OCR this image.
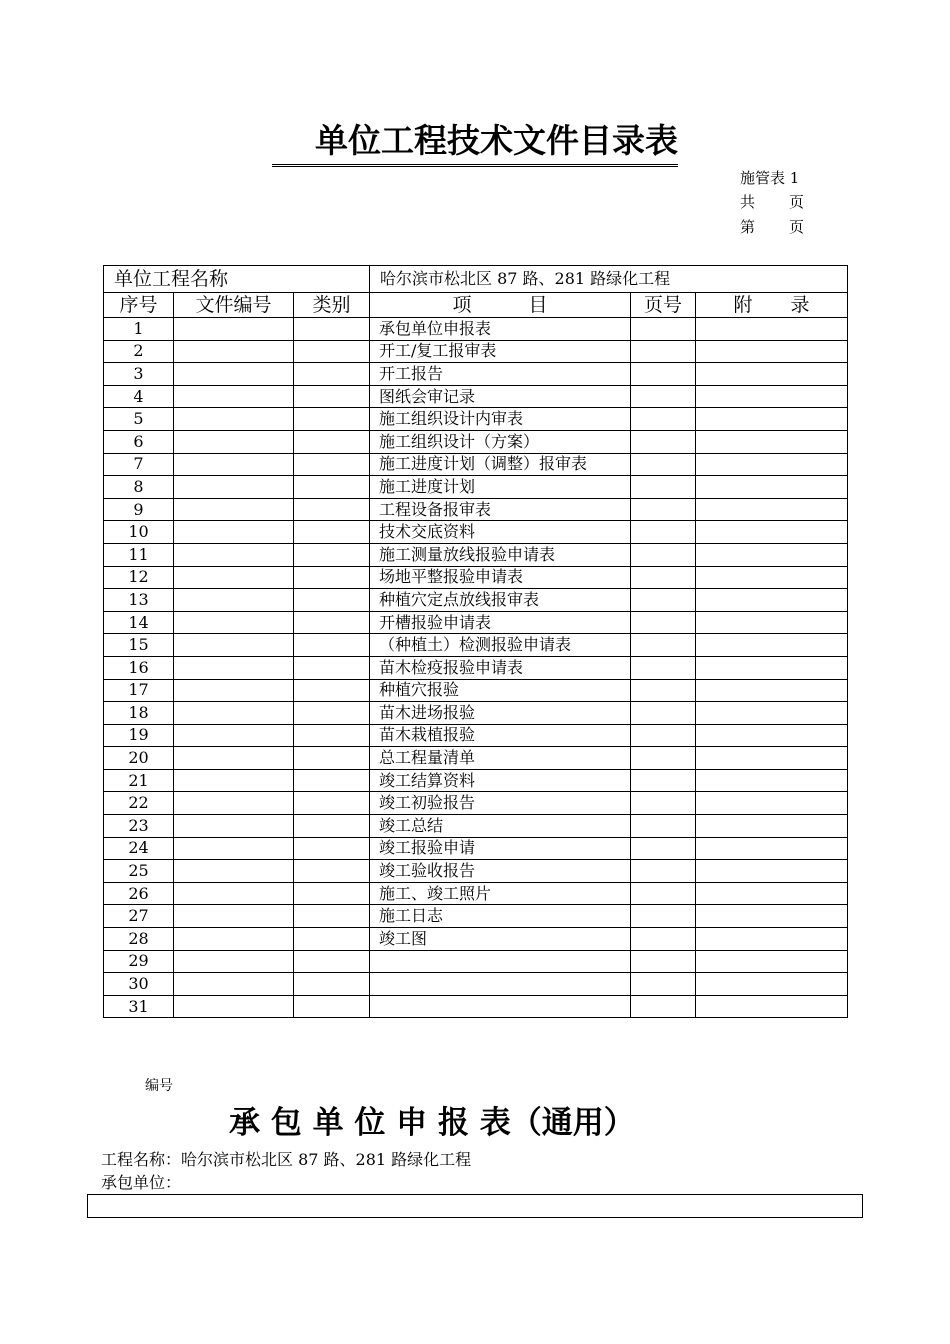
单位工程技术文件目录表
施管表 1
共 页
第 页
单位工程名称			哈尔滨市松北区 87 路、281 路绿化工程		
序号	文件编号	类别	项　　　目	页号	附　　录
1			承包单位申报表		
2			开工/复工报审表		
3			开工报告		
4			图纸会审记录		
5			施工组织设计内审表		
6			施工组织设计（方案）		
7			施工进度计划（调整）报审表		
8			施工进度计划		
9			工程设备报审表		
10			技术交底资料		
11			施工测量放线报验申请表		
12			场地平整报验申请表		
13			种植穴定点放线报审表		
14			开槽报验申请表		
15			（种植土）检测报验申请表		
16			苗木检疫报验申请表		
17			种植穴报验		
18			苗木进场报验		
19			苗木栽植报验		
20			总工程量清单		
21			竣工结算资料		
22			竣工初验报告		
23			竣工总结		
24			竣工报验申请		
25			竣工验收报告		
26			施工、竣工照片		
27			施工日志		
28			竣工图		
29					
30					
31					
编号
承 包 单 位 申 报 表（通用）
工程名称：哈尔滨市松北区 87 路、281 路绿化工程
承包单位：
